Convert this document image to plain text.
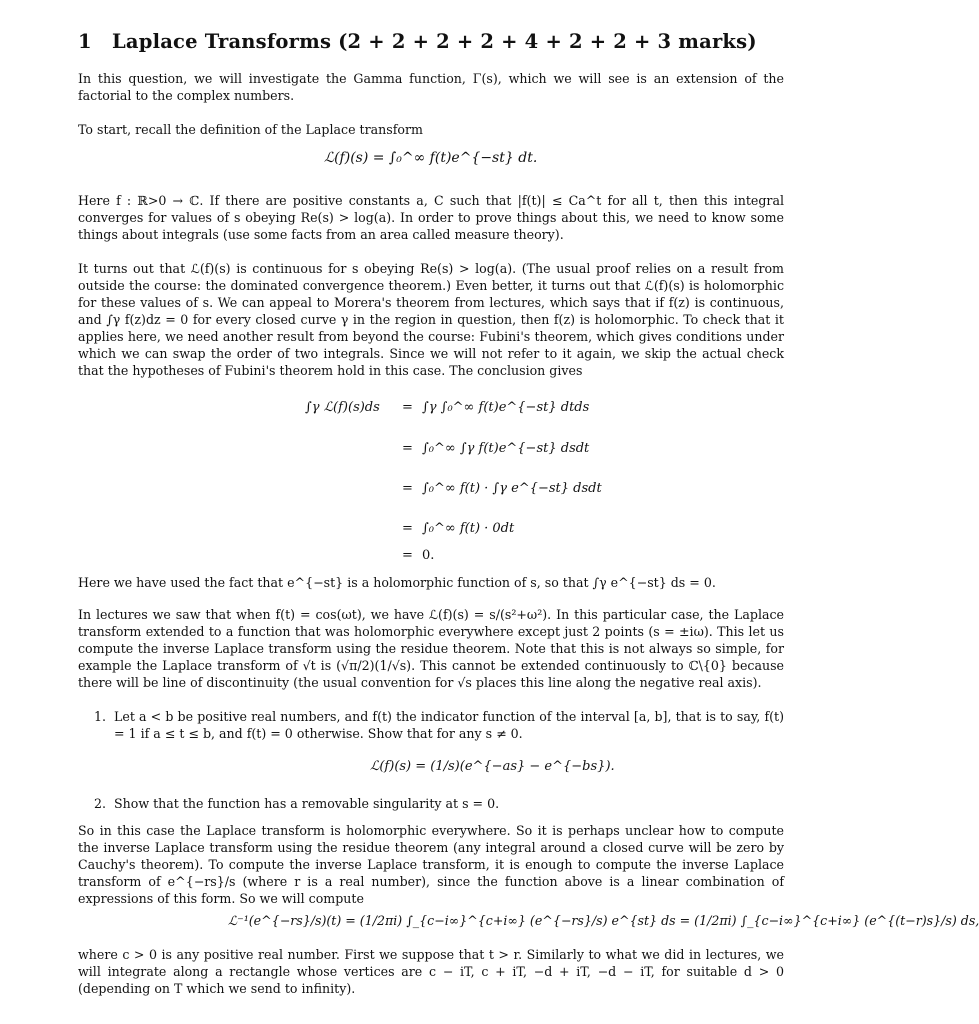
1 Laplace Transforms (2 + 2 + 2 + 2 + 4 + 2 + 2 + 3 marks)
In this question, we will investigate the Gamma function, Γ(s), which we will see is an extension of the factorial to the complex numbers.
To start, recall the definition of the Laplace transform
ℒ(f)(s) = ∫₀^∞ f(t)e^{−st} dt.
Here f : ℝ>0 → ℂ. If there are positive constants a, C such that |f(t)| ≤ Ca^t for all t, then this integral converges for values of s obeying Re(s) > log(a). In order to prove things about this, we need to know some things about integrals (use some facts from an area called measure theory).
It turns out that ℒ(f)(s) is continuous for s obeying Re(s) > log(a). (The usual proof relies on a result from outside the course: the dominated convergence theorem.) Even better, it turns out that ℒ(f)(s) is holomorphic for these values of s. We can appeal to Morera's theorem from lectures, which says that if f(z) is continuous, and ∫γ f(z)dz = 0 for every closed curve γ in the region in question, then f(z) is holomorphic. To check that it applies here, we need another result from beyond the course: Fubini's theorem, which gives conditions under which we can swap the order of two integrals. Since we will not refer to it again, we skip the actual check that the hypotheses of Fubini's theorem hold in this case. The conclusion gives
∫γ ℒ(f)(s)ds = ∫γ ∫₀^∞ f(t)e^{−st} dtds
= ∫₀^∞ ∫γ f(t)e^{−st} dsdt
= ∫₀^∞ f(t) · ∫γ e^{−st} dsdt
= ∫₀^∞ f(t) · 0dt
= 0.
Here we have used the fact that e^{−st} is a holomorphic function of s, so that ∫γ e^{−st} ds = 0.
In lectures we saw that when f(t) = cos(ωt), we have ℒ(f)(s) = s/(s²+ω²). In this particular case, the Laplace transform extended to a function that was holomorphic everywhere except just 2 points (s = ±iω). This let us compute the inverse Laplace transform using the residue theorem. Note that this is not always so simple, for example the Laplace transform of √t is (√π/2)(1/√s). This cannot be extended continuously to ℂ\{0} because there will be line of discontinuity (the usual convention for √s places this line along the negative real axis).
1. Let a < b be positive real numbers, and f(t) the indicator function of the interval [a, b], that is to say, f(t) = 1 if a ≤ t ≤ b, and f(t) = 0 otherwise. Show that for any s ≠ 0.
ℒ(f)(s) = (1/s)(e^{−as} − e^{−bs}).
2. Show that the function has a removable singularity at s = 0.
So in this case the Laplace transform is holomorphic everywhere. So it is perhaps unclear how to compute the inverse Laplace transform using the residue theorem (any integral around a closed curve will be zero by Cauchy's theorem). To compute the inverse Laplace transform, it is enough to compute the inverse Laplace transform of e^{−rs}/s (where r is a real number), since the function above is a linear combination of expressions of this form. So we will compute
ℒ⁻¹(e^{−rs}/s)(t) = (1/2πi) ∫_{c−i∞}^{c+i∞} (e^{−rs}/s) e^{st} ds = (1/2πi) ∫_{c−i∞}^{c+i∞} (e^{(t−r)s}/s) ds,
where c > 0 is any positive real number. First we suppose that t > r. Similarly to what we did in lectures, we will integrate along a rectangle whose vertices are c − iT, c + iT, −d + iT, −d − iT, for suitable d > 0 (depending on T which we send to infinity).
